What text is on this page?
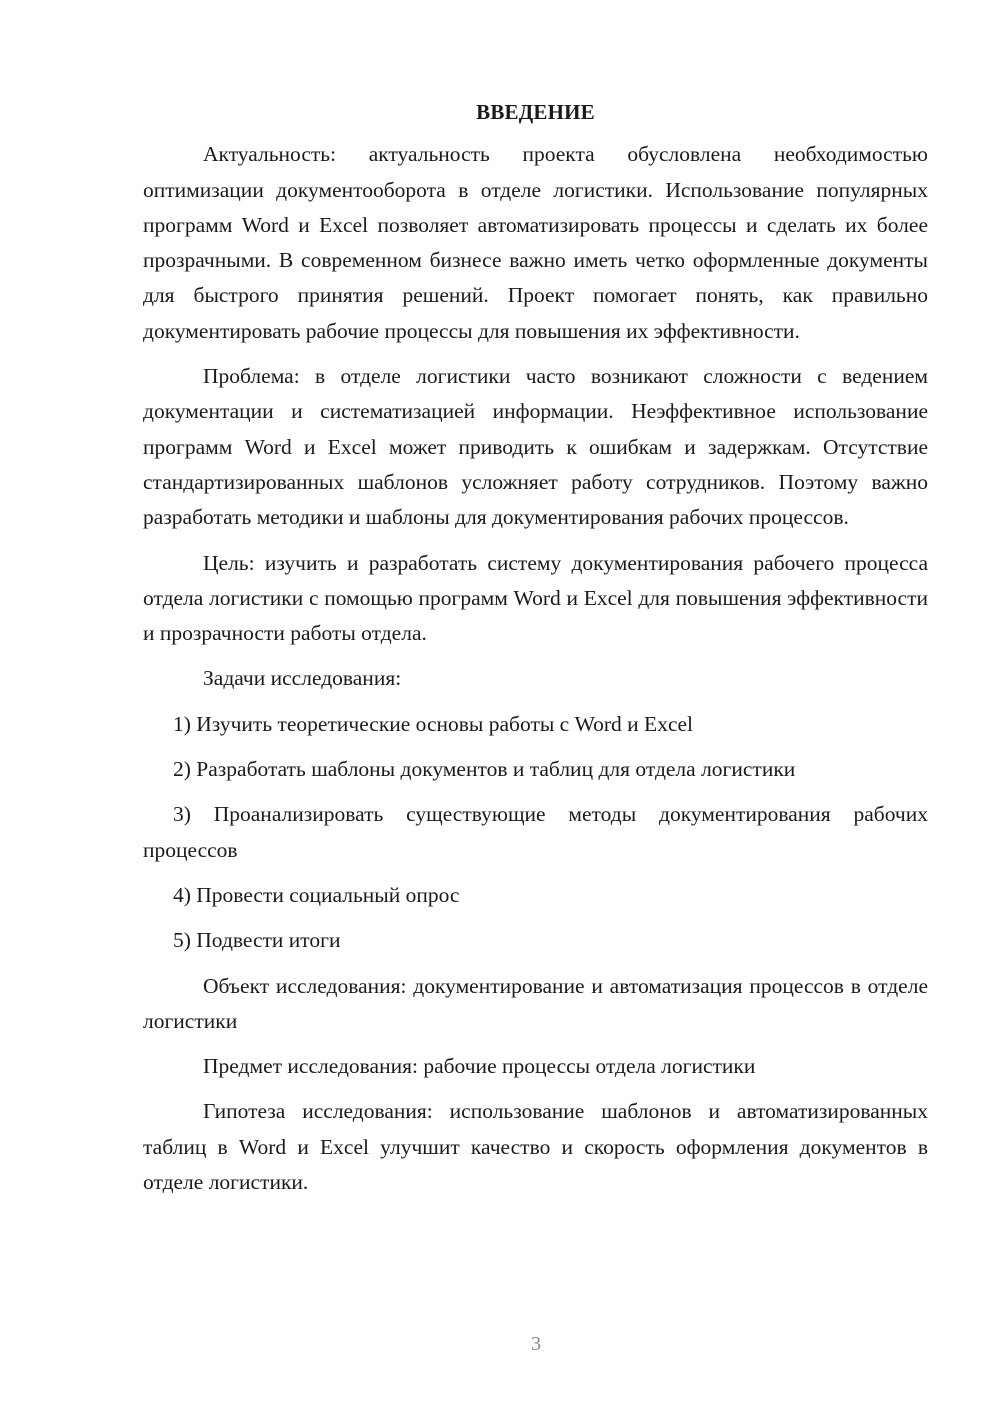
ВВЕДЕНИЕ

Актуальность: актуальность проекта обусловлена необходимостью оптимизации документооборота в отделе логистики. Использование популярных программ Word и Excel позволяет автоматизировать процессы и сделать их более прозрачными. В современном бизнесе важно иметь четко оформленные документы для быстрого принятия решений. Проект помогает понять, как правильно документировать рабочие процессы для повышения их эффективности.

Проблема: в отделе логистики часто возникают сложности с ведением документации и систематизацией информации. Неэффективное использование программ Word и Excel может приводить к ошибкам и задержкам. Отсутствие стандартизированных шаблонов усложняет работу сотрудников. Поэтому важно разработать методики и шаблоны для документирования рабочих процессов.

Цель: изучить и разработать систему документирования рабочего процесса отдела логистики с помощью программ Word и Excel для повышения эффективности и прозрачности работы отдела.

Задачи исследования:

1) Изучить теоретические основы работы с Word и Excel

2) Разработать шаблоны документов и таблиц для отдела логистики

3) Проанализировать существующие методы документирования рабочих процессов

4) Провести социальный опрос

5) Подвести итоги

Объект исследования: документирование и автоматизация процессов в отделе логистики

Предмет исследования: рабочие процессы отдела логистики

Гипотеза исследования: использование шаблонов и автоматизированных таблиц в Word и Excel улучшит качество и скорость оформления документов в отделе логистики.

3
